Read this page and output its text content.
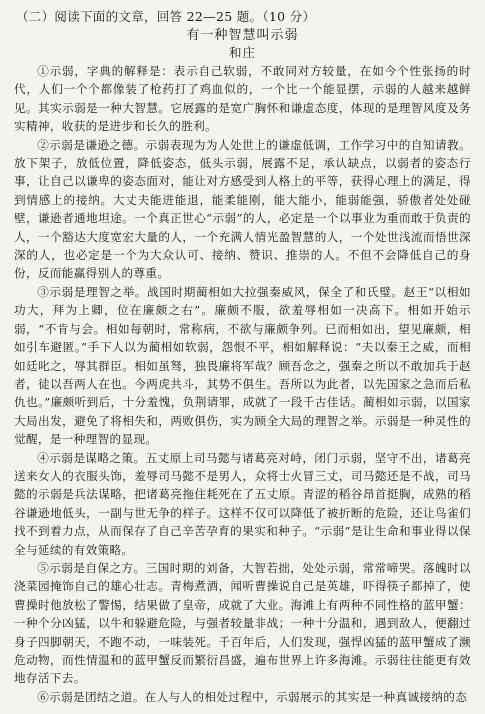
（二）阅读下面的文章，回答 22—25 题。（10 分）

有一种智慧叫示弱

和庄

①示弱，字典的解释是：表示自己软弱，不敢同对方较量，在如今个性张扬的时代，人们一个个都像装了枪药打了鸡血似的，一个比一个能显摆，示弱的人越来越鲜见。其实示弱是一种大智慧。它展露的是宽广胸怀和谦虚态度，体现的是理智风度及务实精神，收获的是进步和长久的胜利。

②示弱是谦逊之德。示弱表现为为人处世上的谦虚低调，工作学习中的自知请教。放下架子，放低位置，降低姿态，低头示弱，展露不足，承认缺点，以弱者的姿态行事，让自己以谦卑的姿态面对，能让对方感受到人格上的平等，获得心理上的满足，得到情感上的接纳。大丈夫能进能退，能柔能刚，能大能小，能弱能强，骄傲者处处碰壁，谦逊者通地坦途。一个真正世心“示弱”的人，必定是一个以事业为重而敢于负责的人，一个豁达大度宽宏大量的人，一个充满人情光盈智慧的人，一个处世浅流而悟世深深的人，也必定是一个为大众认可、接纳、赞识、推崇的人。不但不会降低自己的身份，反而能赢得别人的尊重。

③示弱是理智之举。战国时期蔺相如大拉强秦威风，保全了和氏璧。赵王“以相如功大，拜为上卿，位在廉颇之右”。廉颇不服，欲羞辱相如一决高下。相如开始示弱，“不肯与会。相如每朝时，常称病，不欲与廉颇争列。已而相如出，望见廉颇，相如引车避匿。”手下人以为蔺相如软弱，怨恨不平，相如解释说：“夫以秦王之威，而相如廷叱之，辱其群臣。相如虽驽，独畏廉将军哉？顾吾念之，强秦之所以不敢加兵于赵者，徒以吾两人在也。今两虎共斗，其势不俱生。吾所以为此者，以先国家之急而后私仇也。”廉颇听到后，十分羞愧，负荆请罪，成就了一段千古佳话。蔺相如示弱，以国家大局出发，避免了将相失和，两败俱伤，实为顾全大局的理智之举。示弱是一种灵性的觉醒，是一种理智的显现。

④示弱是谋略之策。五丈原上司马懿与诸葛亮对峙，闭门示弱，坚守不出，诸葛亮送来女人的衣服头饰，羞辱司马懿不是男人，众将士火冒三丈，司马懿还是不战，司马懿的示弱是兵法谋略，把诸葛亮拖住耗死在了五丈原。青涩的稻谷昂首挺胸，成熟的稻谷谦逊地低头，一副与世无争的样子。这样不仅可以降低了被折断的危险，还让鸟雀们找不到着力点，从而保存了自己辛苦孕育的果实和种子。“示弱”是让生命和事业得以保全与延续的有效策略。

⑤示弱是自保之方。三国时期的刘备，大智若拙，处处示弱，常常啼哭。落魄时以浇菜园掩饰自己的雄心壮志。青梅煮酒，闻听曹操说自己是英雄，吓得筷子都掉了，使曹操时他放松了警惕，结果做了皇帝，成就了大业。海滩上有两种不同性格的蓝甲蟹：一种个分凶猛，以牛和躲避危险，与强者较量非战；一种十分温和，遇到敌人，便翻过身子四脚朝天，不跑不动，一味装死。千百年后，人们发现，强悍凶猛的蓝甲蟹成了濒危动物，而性情温和的蓝甲蟹反而繁衍昌盛，遍布世界上许多海滩。示弱往往能更有效地存活下去。

⑥示弱是团结之道。在人与人的相处过程中，示弱展示的其实是一种真诚接纳的态
